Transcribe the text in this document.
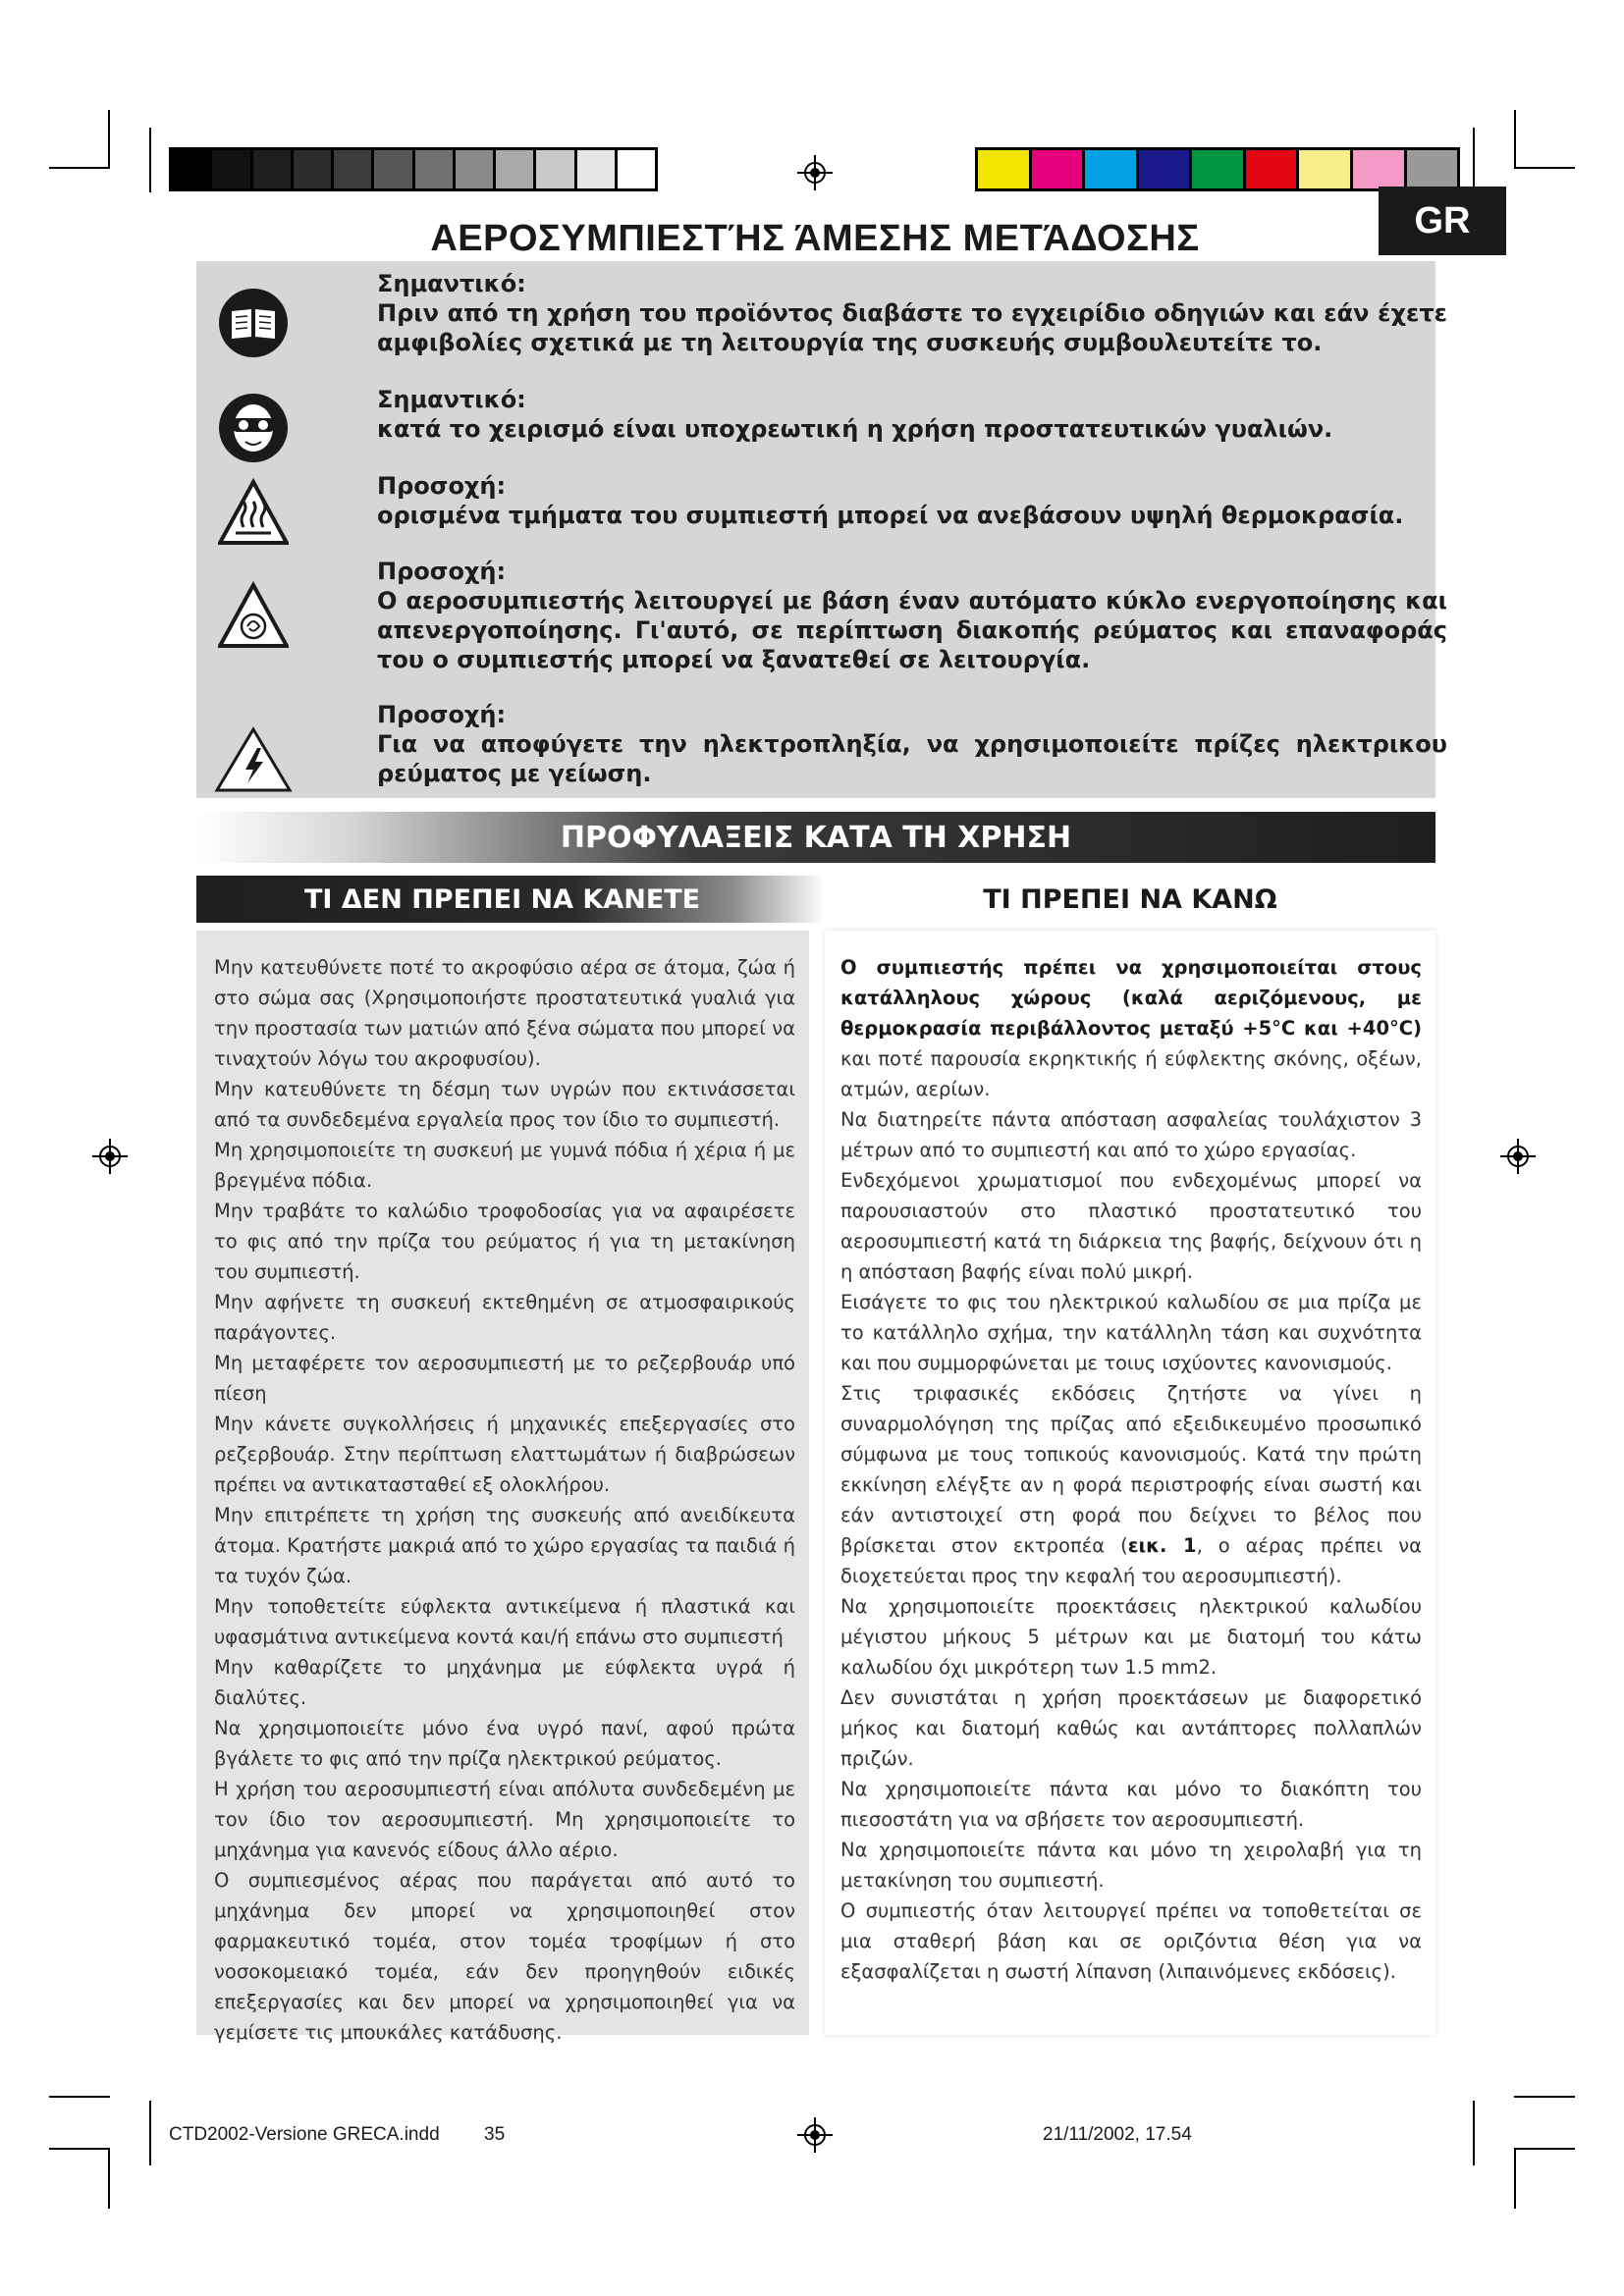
GR
ΑΕΡΟΣΥΜΠΙΕΣΤΉΣ ΆΜΕΣΗΣ ΜΕΤΆΔΟΣΗΣ
Σημαντικό:
Πριν από τη χρήση του προϊόντος διαβάστε το εγχειρίδιο οδηγιών και εάν έχετε αμφιβολίες σχετικά με τη λειτουργία της συσκευής συμβουλευτείτε το.
Σημαντικό:
κατά το χειρισμό είναι υποχρεωτική η χρήση προστατευτικών γυαλιών.
Προσοχή:
ορισμένα τμήματα του συμπιεστή μπορεί να ανεβάσουν υψηλή θερμοκρασία.
Προσοχή:
Ο αεροσυμπιεστής λειτουργεί με βάση έναν αυτόματο κύκλο ενεργοποίησης και απενεργοποίησης. Γι'αυτό, σε περίπτωση διακοπής ρεύματος και επαναφοράς του ο συμπιεστής μπορεί να ξανατεθεί σε λειτουργία.
Προσοχή:
Για να αποφύγετε την ηλεκτροπληξία, να χρησιμοποιείτε πρίζες ηλεκτρικου ρεύματος με γείωση.
ΠΡΟΦΥΛΑΞΕΙΣ ΚΑΤΑ ΤΗ ΧΡΗΣΗ
ΤΙ ΔΕΝ ΠΡΕΠΕΙ ΝΑ ΚΑΝΕΤΕ	ΤΙ ΠΡΕΠΕΙ ΝΑ ΚΑΝΩ

Μην κατευθύνετε ποτέ το ακροφύσιο αέρα σε άτομα, ζώα ή στο σώμα σας (Χρησιμοποιήστε προστατευτικά γυαλιά για την προστασία των ματιών από ξένα σώματα που μπορεί να τιναχτούν λόγω του ακροφυσίου).

Μην κατευθύνετε τη δέσμη των υγρών που εκτινάσσεται από τα συνδεδεμένα εργαλεία προς τον ίδιο το συμπιεστή.

Μη χρησιμοποιείτε τη συσκευή με γυμνά πόδια ή χέρια ή με βρεγμένα πόδια.

Μην τραβάτε το καλώδιο τροφοδοσίας για να αφαιρέσετε το φις από την πρίζα του ρεύματος ή για τη μετακίνηση του συμπιεστή.

Μην αφήνετε τη συσκευή εκτεθημένη σε ατμοσφαιρικούς παράγοντες.

Μη μεταφέρετε τον αεροσυμπιεστή με το ρεζερβουάρ υπό πίεση

Μην κάνετε συγκολλήσεις ή μηχανικές επεξεργασίες στο ρεζερβουάρ. Στην περίπτωση ελαττωμάτων ή διαβρώσεων πρέπει να αντικατασταθεί εξ ολοκλήρου.

Μην επιτρέπετε τη χρήση της συσκευής από ανειδίκευτα άτομα. Κρατήστε μακριά από το χώρο εργασίας τα παιδιά ή τα τυχόν ζώα.

Μην τοποθετείτε εύφλεκτα αντικείμενα ή πλαστικά και υφασμάτινα αντικείμενα κοντά και/ή επάνω στο συμπιεστή

Μην καθαρίζετε το μηχάνημα με εύφλεκτα υγρά ή διαλύτες.

Να χρησιμοποιείτε μόνο ένα υγρό πανί, αφού πρώτα βγάλετε το φις από την πρίζα ηλεκτρικού ρεύματος.

Η χρήση του αεροσυμπιεστή είναι απόλυτα συνδεδεμένη με τον ίδιο τον αεροσυμπιεστή. Μη χρησιμοποιείτε το μηχάνημα για κανενός είδους άλλο αέριο.

Ο συμπιεσμένος αέρας που παράγεται από αυτό το μηχάνημα δεν μπορεί να χρησιμοποιηθεί στον φαρμακευτικό τομέα, στον τομέα τροφίμων ή στο νοσοκομειακό τομέα, εάν δεν προηγηθούν ειδικές επεξεργασίες και δεν μπορεί να χρησιμοποιηθεί για να γεμίσετε τις μπουκάλες κατάδυσης.

Ο συμπιεστής πρέπει να χρησιμοποιείται στους κατάλληλους χώρους (καλά αεριζόμενους, με θερμοκρασία περιβάλλοντος μεταξύ +5°C και +40°C) και ποτέ παρουσία εκρηκτικής ή εύφλεκτης σκόνης, οξέων, ατμών, αερίων.

Να διατηρείτε πάντα απόσταση ασφαλείας τουλάχιστον 3 μέτρων από το συμπιεστή και από το χώρο εργασίας.

Ενδεχόμενοι χρωματισμοί που ενδεχομένως μπορεί να παρουσιαστούν στο πλαστικό προστατευτικό του αεροσυμπιεστή κατά τη διάρκεια της βαφής, δείχνουν ότι η η απόσταση βαφής είναι πολύ μικρή.

Εισάγετε το φις του ηλεκτρικού καλωδίου σε μια πρίζα με το κατάλληλο σχήμα, την κατάλληλη τάση και συχνότητα και που συμμορφώνεται με τοιυς ισχύοντες κανονισμούς.

Στις τριφασικές εκδόσεις ζητήστε να γίνει η συναρμολόγηση της πρίζας από εξειδικευμένο προσωπικό σύμφωνα με τους τοπικούς κανονισμούς. Κατά την πρώτη εκκίνηση ελέγξτε αν η φορά περιστροφής είναι σωστή και εάν αντιστοιχεί στη φορά που δείχνει το βέλος που βρίσκεται στον εκτροπέα (εικ. 1, ο αέρας πρέπει να διοχετεύεται προς την κεφαλή του αεροσυμπιεστή).

Να χρησιμοποιείτε προεκτάσεις ηλεκτρικού καλωδίου μέγιστου μήκους 5 μέτρων και με διατομή του κάτω καλωδίου όχι μικρότερη των 1.5 mm2.

Δεν συνιστάται η χρήση προεκτάσεων με διαφορετικό μήκος και διατομή καθώς και αντάπτορες πολλαπλών πριζών.

Να χρησιμοποιείτε πάντα και μόνο το διακόπτη του πιεσοστάτη για να σβήσετε τον αεροσυμπιεστή.

Να χρησιμοποιείτε πάντα και μόνο τη χειρολαβή για τη μετακίνηση του συμπιεστή.

Ο συμπιεστής όταν λειτουργεί πρέπει να τοποθετείται σε μια σταθερή βάση και σε οριζόντια θέση για να εξασφαλίζεται η σωστή λίπανση (λιπαινόμενες εκδόσεις).

CTD2002-Versione GRECA.indd 35	21/11/2002, 17.54
